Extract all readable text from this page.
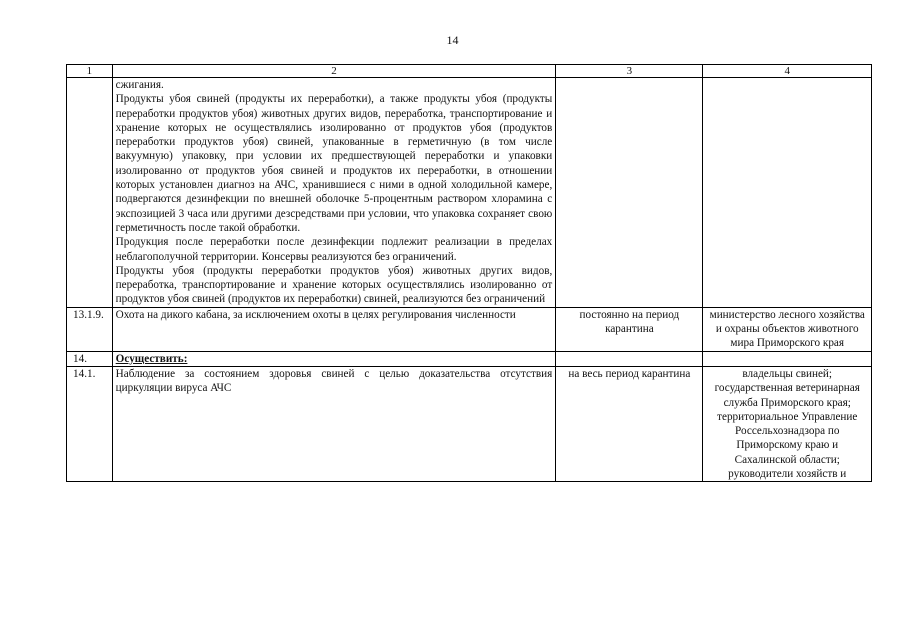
14
1	2	3	4

	сжигания.

Продукты убоя свиней (продукты их переработки), а также продукты убоя (продукты переработки продуктов убоя) животных других видов, переработка, транспортирование и хранение которых не осуществлялись изолированно от продуктов убоя (продуктов переработки продуктов убоя) свиней, упакованные в герметичную (в том числе вакуумную) упаковку, при условии их предшествующей переработки и упаковки изолированно от продуктов убоя свиней и продуктов их переработки, в отношении которых установлен диагноз на АЧС, хранившиеся с ними в одной холодильной камере, подвергаются дезинфекции по внешней оболочке 5-процентным раствором хлорамина с экспозицией 3 часа или другими дезсредствами при условии, что упаковка сохраняет свою герметичность после такой обработки.

Продукция после переработки после дезинфекции подлежит реализации в пределах неблагополучной территории. Консервы реализуются без ограничений.

Продукты убоя (продукты переработки продуктов убоя) животных других видов, переработка, транспортирование и хранение которых осуществлялись изолированно от продуктов убоя свиней (продуктов их переработки) свиней, реализуются без ограничений		

13.1.9.	Охота на дикого кабана, за исключением охоты в целях регулирования численности	постоянно на период карантина	министерство лесного хозяйства и охраны объектов животного мира Приморского края
14.	Осуществить:		
14.1.	Наблюдение за состоянием здоровья свиней с целью доказательства отсутствия циркуляции вируса АЧС	на весь период карантина	владельцы свиней; государственная ветеринарная служба Приморского края; территориальное Управление Россельхознадзора по Приморскому краю и Сахалинской области; руководители хозяйств и
